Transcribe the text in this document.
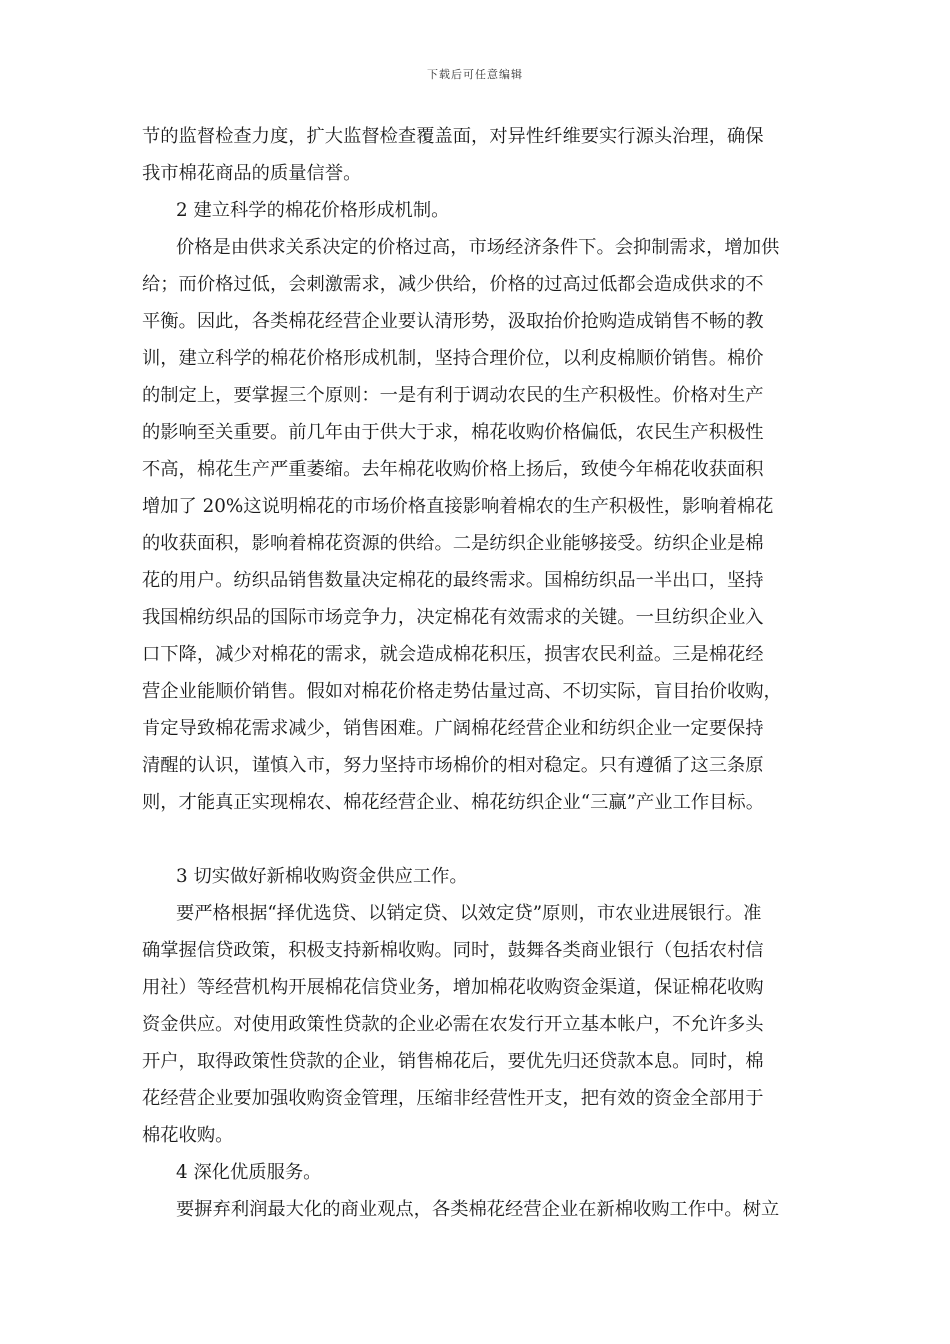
下载后可任意编辑
节的监督检查力度，扩大监督检查覆盖面，对异性纤维要实行源头治理，确保
我市棉花商品的质量信誉。
2 建立科学的棉花价格形成机制。
价格是由供求关系决定的价格过高，市场经济条件下。会抑制需求，增加供
给；而价格过低，会刺激需求，减少供给，价格的过高过低都会造成供求的不
平衡。因此，各类棉花经营企业要认清形势，汲取抬价抢购造成销售不畅的教
训，建立科学的棉花价格形成机制，坚持合理价位，以利皮棉顺价销售。棉价
的制定上，要掌握三个原则：一是有利于调动农民的生产积极性。价格对生产
的影响至关重要。前几年由于供大于求，棉花收购价格偏低，农民生产积极性
不高，棉花生产严重萎缩。去年棉花收购价格上扬后，致使今年棉花收获面积
增加了 20%这说明棉花的市场价格直接影响着棉农的生产积极性，影响着棉花
的收获面积，影响着棉花资源的供给。二是纺织企业能够接受。纺织企业是棉
花的用户。纺织品销售数量决定棉花的最终需求。国棉纺织品一半出口，坚持
我国棉纺织品的国际市场竞争力，决定棉花有效需求的关键。一旦纺织企业入
口下降，减少对棉花的需求，就会造成棉花积压，损害农民利益。三是棉花经
营企业能顺价销售。假如对棉花价格走势估量过高、不切实际，盲目抬价收购，
肯定导致棉花需求减少，销售困难。广阔棉花经营企业和纺织企业一定要保持
清醒的认识，谨慎入市，努力坚持市场棉价的相对稳定。只有遵循了这三条原
则，才能真正实现棉农、棉花经营企业、棉花纺织企业“三赢”产业工作目标。
3 切实做好新棉收购资金供应工作。
要严格根据“择优选贷、以销定贷、以效定贷”原则，市农业进展银行。准
确掌握信贷政策，积极支持新棉收购。同时，鼓舞各类商业银行（包括农村信
用社）等经营机构开展棉花信贷业务，增加棉花收购资金渠道，保证棉花收购
资金供应。对使用政策性贷款的企业必需在农发行开立基本帐户，不允许多头
开户，取得政策性贷款的企业，销售棉花后，要优先归还贷款本息。同时，棉
花经营企业要加强收购资金管理，压缩非经营性开支，把有效的资金全部用于
棉花收购。
4 深化优质服务。
要摒弃利润最大化的商业观点，各类棉花经营企业在新棉收购工作中。树立
